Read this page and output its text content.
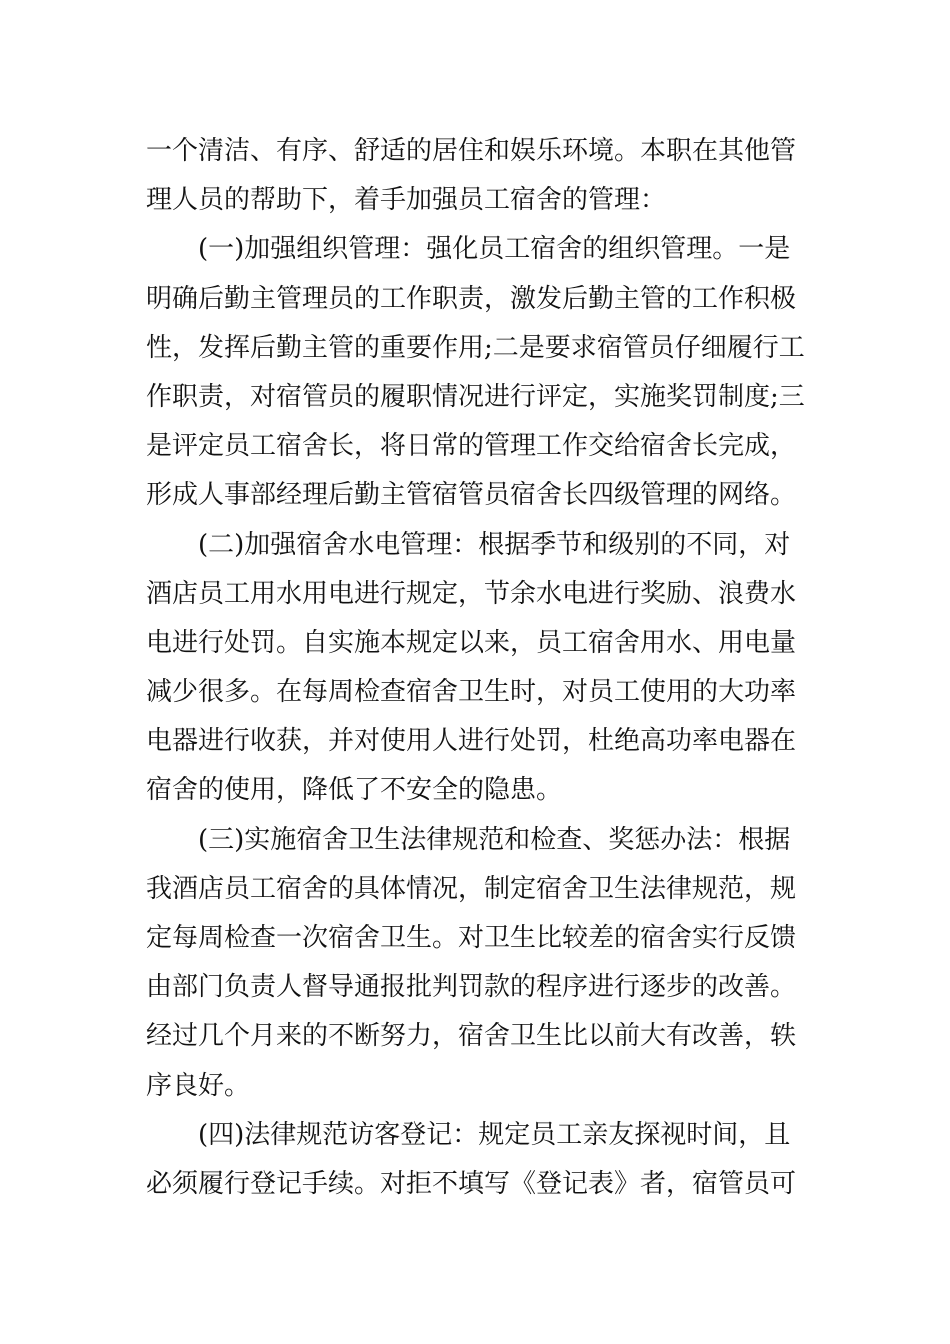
一个清洁、有序、舒适的居住和娱乐环境。本职在其他管
理人员的帮助下，着手加强员工宿舍的管理：
(一)加强组织管理：强化员工宿舍的组织管理。一是
明确后勤主管理员的工作职责，激发后勤主管的工作积极
性，发挥后勤主管的重要作用;二是要求宿管员仔细履行工
作职责，对宿管员的履职情况进行评定，实施奖罚制度;三
是评定员工宿舍长，将日常的管理工作交给宿舍长完成，
形成人事部经理后勤主管宿管员宿舍长四级管理的网络。
(二)加强宿舍水电管理：根据季节和级别的不同，对
酒店员工用水用电进行规定，节余水电进行奖励、浪费水
电进行处罚。自实施本规定以来，员工宿舍用水、用电量
减少很多。在每周检查宿舍卫生时，对员工使用的大功率
电器进行收获，并对使用人进行处罚，杜绝高功率电器在
宿舍的使用，降低了不安全的隐患。
(三)实施宿舍卫生法律规范和检查、奖惩办法：根据
我酒店员工宿舍的具体情况，制定宿舍卫生法律规范，规
定每周检查一次宿舍卫生。对卫生比较差的宿舍实行反馈
由部门负责人督导通报批判罚款的程序进行逐步的改善。
经过几个月来的不断努力，宿舍卫生比以前大有改善，轶
序良好。
(四)法律规范访客登记：规定员工亲友探视时间，且
必须履行登记手续。对拒不填写《登记表》者，宿管员可
